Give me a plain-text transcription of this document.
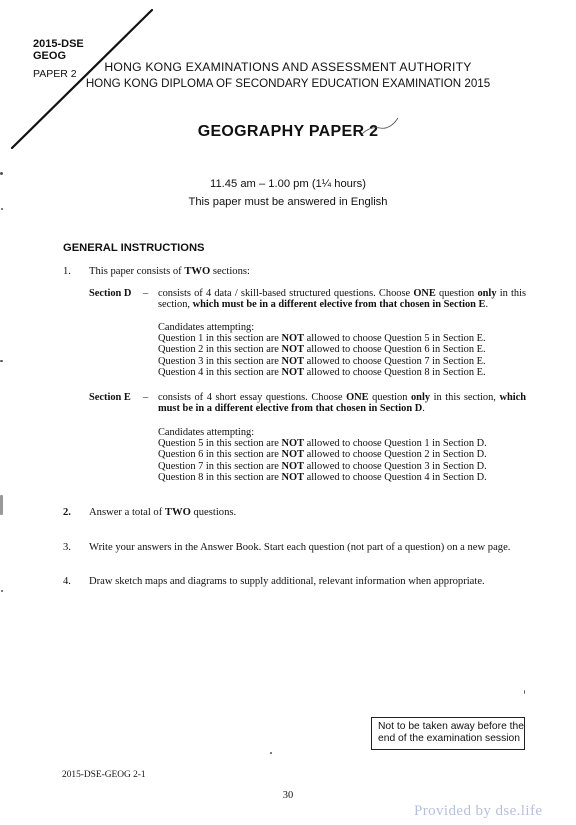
2015-DSE
GEOG
PAPER 2	HONG KONG EXAMINATIONS AND ASSESSMENT AUTHORITY
HONG KONG DIPLOMA OF SECONDARY EDUCATION EXAMINATION 2015
GEOGRAPHY PAPER 2
11.45 am – 1.00 pm (1¼ hours)
This paper must be answered in English
GENERAL INSTRUCTIONS
1. This paper consists of TWO sections:
Section D – consists of 4 data / skill-based structured questions. Choose ONE question only in this section, which must be in a different elective from that chosen in Section E.
Candidates attempting:
Question 1 in this section are NOT allowed to choose Question 5 in Section E.
Question 2 in this section are NOT allowed to choose Question 6 in Section E.
Question 3 in this section are NOT allowed to choose Question 7 in Section E.
Question 4 in this section are NOT allowed to choose Question 8 in Section E.
Section E – consists of 4 short essay questions. Choose ONE question only in this section, which must be in a different elective from that chosen in Section D.
Candidates attempting:
Question 5 in this section are NOT allowed to choose Question 1 in Section D.
Question 6 in this section are NOT allowed to choose Question 2 in Section D.
Question 7 in this section are NOT allowed to choose Question 3 in Section D.
Question 8 in this section are NOT allowed to choose Question 4 in Section D.
2. Answer a total of TWO questions.
3. Write your answers in the Answer Book. Start each question (not part of a question) on a new page.
4. Draw sketch maps and diagrams to supply additional, relevant information when appropriate.
Not to be taken away before the
end of the examination session
2015-DSE-GEOG 2-1
30
Provided by dse.life
